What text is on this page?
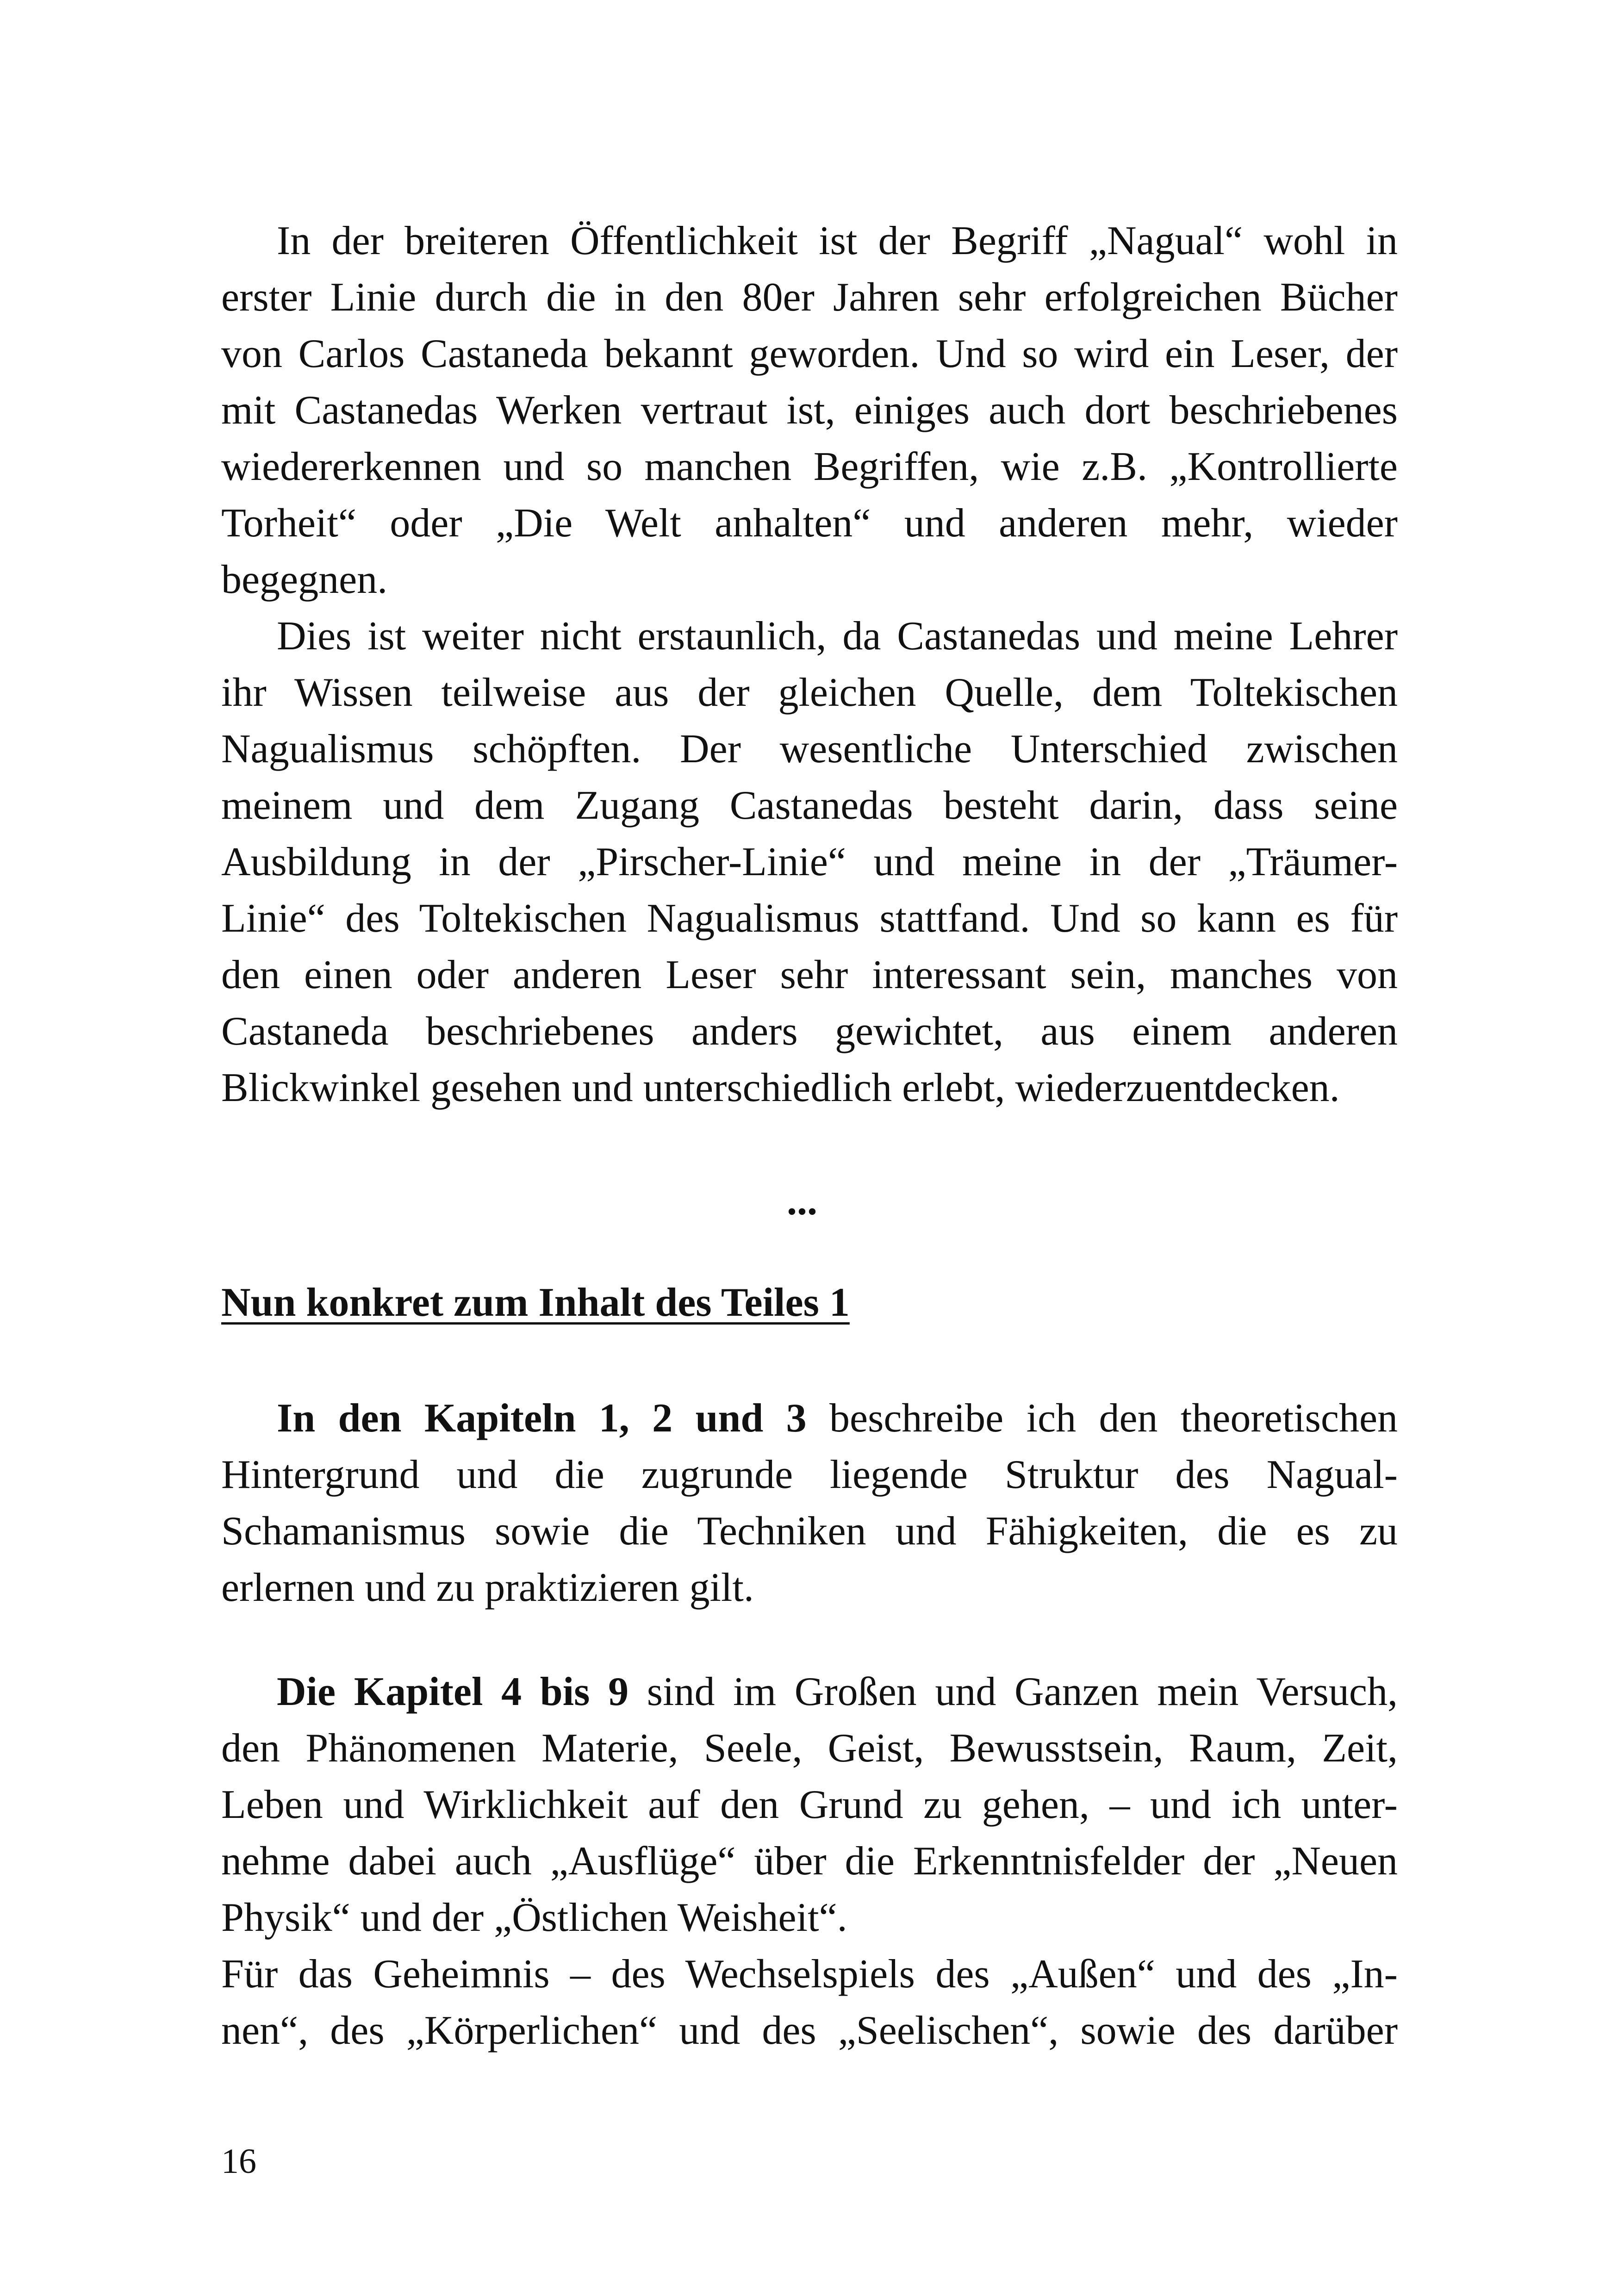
In der breiteren Öffentlichkeit ist der Begriff „Nagual“ wohl in
erster Linie durch die in den 80er Jahren sehr erfolgreichen Bücher
von Carlos Castaneda bekannt geworden. Und so wird ein Leser, der
mit Castanedas Werken vertraut ist, einiges auch dort beschriebenes
wiedererkennen und so manchen Begriffen, wie z.B. „Kontrollierte
Torheit“ oder „Die Welt anhalten“ und anderen mehr, wieder
begegnen.
Dies ist weiter nicht erstaunlich, da Castanedas und meine Lehrer
ihr Wissen teilweise aus der gleichen Quelle, dem Toltekischen
Nagualismus schöpften. Der wesentliche Unterschied zwischen
meinem und dem Zugang Castanedas besteht darin, dass seine
Ausbildung in der „Pirscher-Linie“ und meine in der „Träumer-
Linie“ des Toltekischen Nagualismus stattfand. Und so kann es für
den einen oder anderen Leser sehr interessant sein, manches von
Castaneda beschriebenes anders gewichtet, aus einem anderen
Blickwinkel gesehen und unterschiedlich erlebt, wiederzuentdecken.
...
Nun konkret zum Inhalt des Teiles 1
In den Kapiteln 1, 2 und 3 beschreibe ich den theoretischen
Hintergrund und die zugrunde liegende Struktur des Nagual-
Schamanismus sowie die Techniken und Fähigkeiten, die es zu
erlernen und zu praktizieren gilt.
Die Kapitel 4 bis 9 sind im Großen und Ganzen mein Versuch,
den Phänomenen Materie, Seele, Geist, Bewusstsein, Raum, Zeit,
Leben und Wirklichkeit auf den Grund zu gehen, – und ich unter-
nehme dabei auch „Ausflüge“ über die Erkenntnisfelder der „Neuen
Physik“ und der „Östlichen Weisheit“.
Für das Geheimnis – des Wechselspiels des „Außen“ und des „In-
nen“, des „Körperlichen“ und des „Seelischen“, sowie des darüber
16
